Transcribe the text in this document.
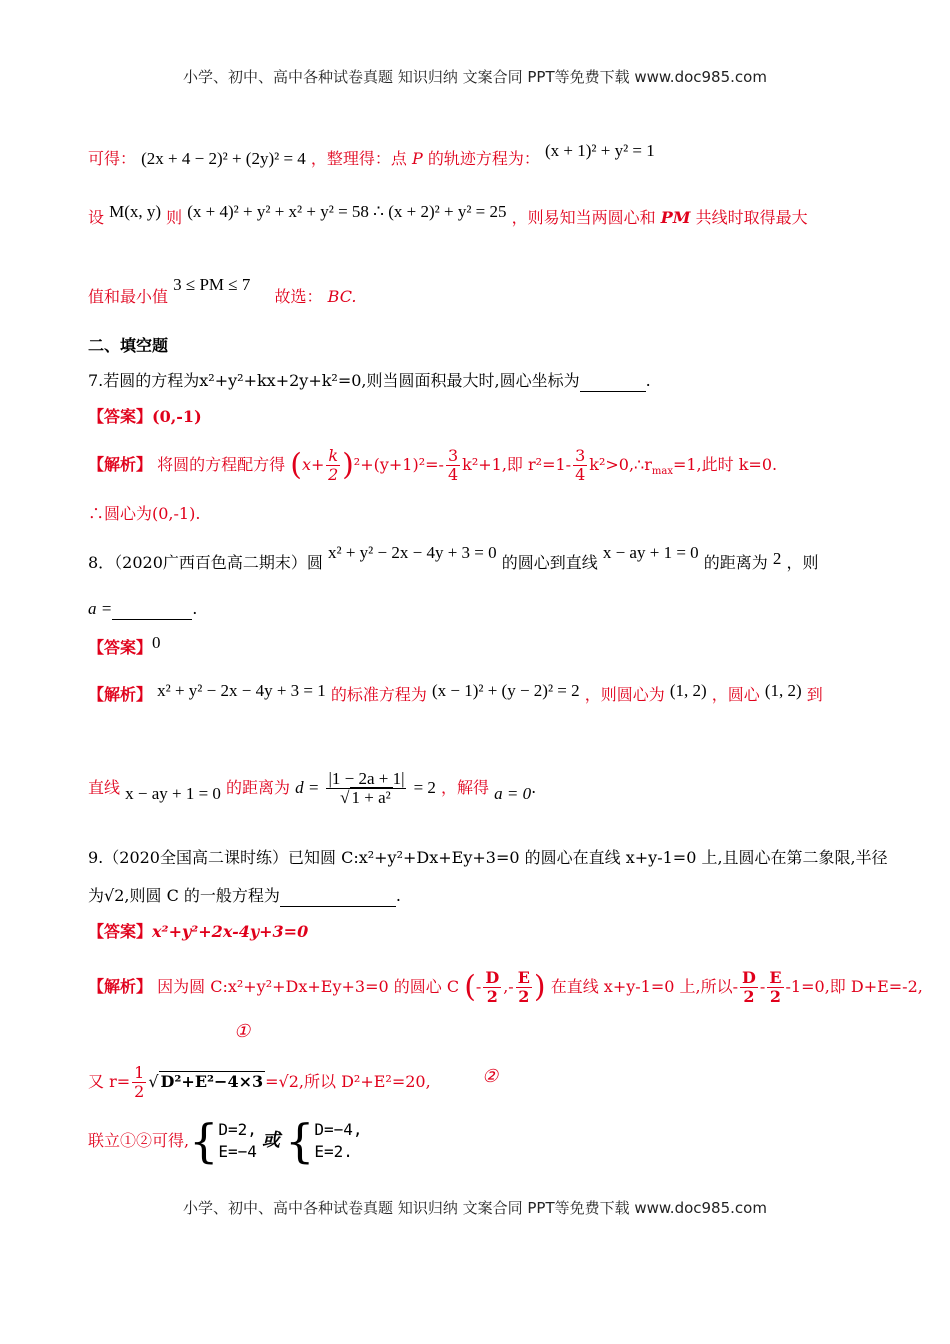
小学、初中、高中各种试卷真题 知识归纳 文案合同 PPT等免费下载 www.doc985.com
可得： (2x + 4 − 2)² + (2y)² = 4 ，整理得：点 P 的轨迹方程为： (x + 1)² + y² = 1
设 M(x, y) 则 (x + 4)² + y² + x² + y² = 58 ∴ (x + 2)² + y² = 25 ，则易知当两圆心和 PM 共线时取得最大
值和最小值 3 ≤ PM ≤ 7  故选： BC.
二、填空题
7.若圆的方程为x²+y²+kx+2y+k²=0,则当圆面积最大时,圆心坐标为	.
【答案】(0,-1)
【解析】 将圆的方程配方得 $(x+ \frac{k}{2} )^2+(y+1)^2=- \frac{3}{4} k^2+1$,即 $r^2=1- \frac{3}{4}$ $k^2>0,\therefore r_{max}=1$,此时 k=0.
∴圆心为(0,-1).
8．（2020广西百色高二期末）圆 x² + y² − 2x − 4y + 3 = 0 的圆心到直线 x − ay + 1 = 0 的距离为 2 ，则
a =	.
【答案】0
【解析】 x² + y² − 2x − 4y + 3 = 1 的标准方程为 (x − 1)² + (y − 2)² = 2 ，则圆心为 (1, 2) ，圆心 (1, 2) 到
直线 x − ay + 1 = 0 的距离为 $d = \frac{|1 - 2a + 1|}{\text{√ 1 + a²}} = 2$ ，解得 a = 0.
9.（2020全国高二课时练）已知圆 C:x²+y²+Dx+Ey+3=0 的圆心在直线 x+y-1=0 上,且圆心在第二象限,半径
为√2,则圆 C 的一般方程为	.
【答案】x²+y²+2x-4y+3=0
【解析】 因为圆 C:x²+y²+Dx+Ey+3=0 的圆心 C (- $\frac{D}{2}$ ,- $\frac{E}{2}$ ) 在直线 x+y-1=0 上,所以- $\frac{D}{2} - \frac{E}{2} -1=0$,即 D+E=-2,
①
又 $r= \frac{1}{2}$ √ D²+E²−4×3 =√2,所以 D²+E²=20,	②
联立①②可得,{ D=2,
E=−4
或 { D=−4,
E=2.
小学、初中、高中各种试卷真题 知识归纳 文案合同 PPT等免费下载 www.doc985.com
